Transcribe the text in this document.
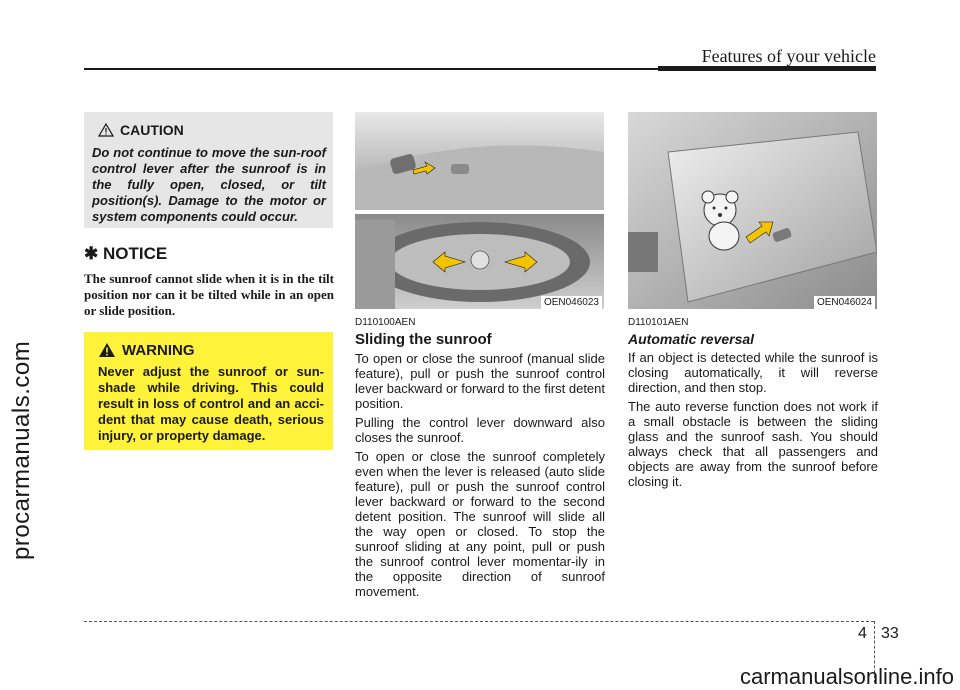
Features of your vehicle
procarmanuals.com
CAUTION
Do not continue to move the sun-roof control lever after the sunroof is in the fully open, closed, or tilt position(s). Damage to the motor or system components could occur.
✱ NOTICE
The sunroof cannot slide when it is in the tilt position nor can it be tilted while in an open or slide position.
WARNING
Never adjust the sunroof or sun-shade while driving. This could result in loss of control and an acci-dent that may cause death, serious injury, or property damage.
OEN046023	OEN046024
D110100AEN
Sliding the sunroof
To open or close the sunroof (manual slide feature), pull or push the sunroof control lever backward or forward to the first detent position.
Pulling the control lever downward also closes the sunroof.
To open or close the sunroof completely even when the lever is released (auto slide feature), pull or push the sunroof control lever backward or forward to the second detent position. The sunroof will slide all the way open or closed. To stop the sunroof sliding at any point, pull or push the sunroof control lever momentar-ily in the opposite direction of sunroof movement.
D110101AEN
Automatic reversal
If an object is detected while the sunroof is closing automatically, it will reverse direction, and then stop.
The auto reverse function does not work if a small obstacle is between the sliding glass and the sunroof sash. You should always check that all passengers and objects are away from the sunroof before closing it.
4 33
carmanualsonline.info
